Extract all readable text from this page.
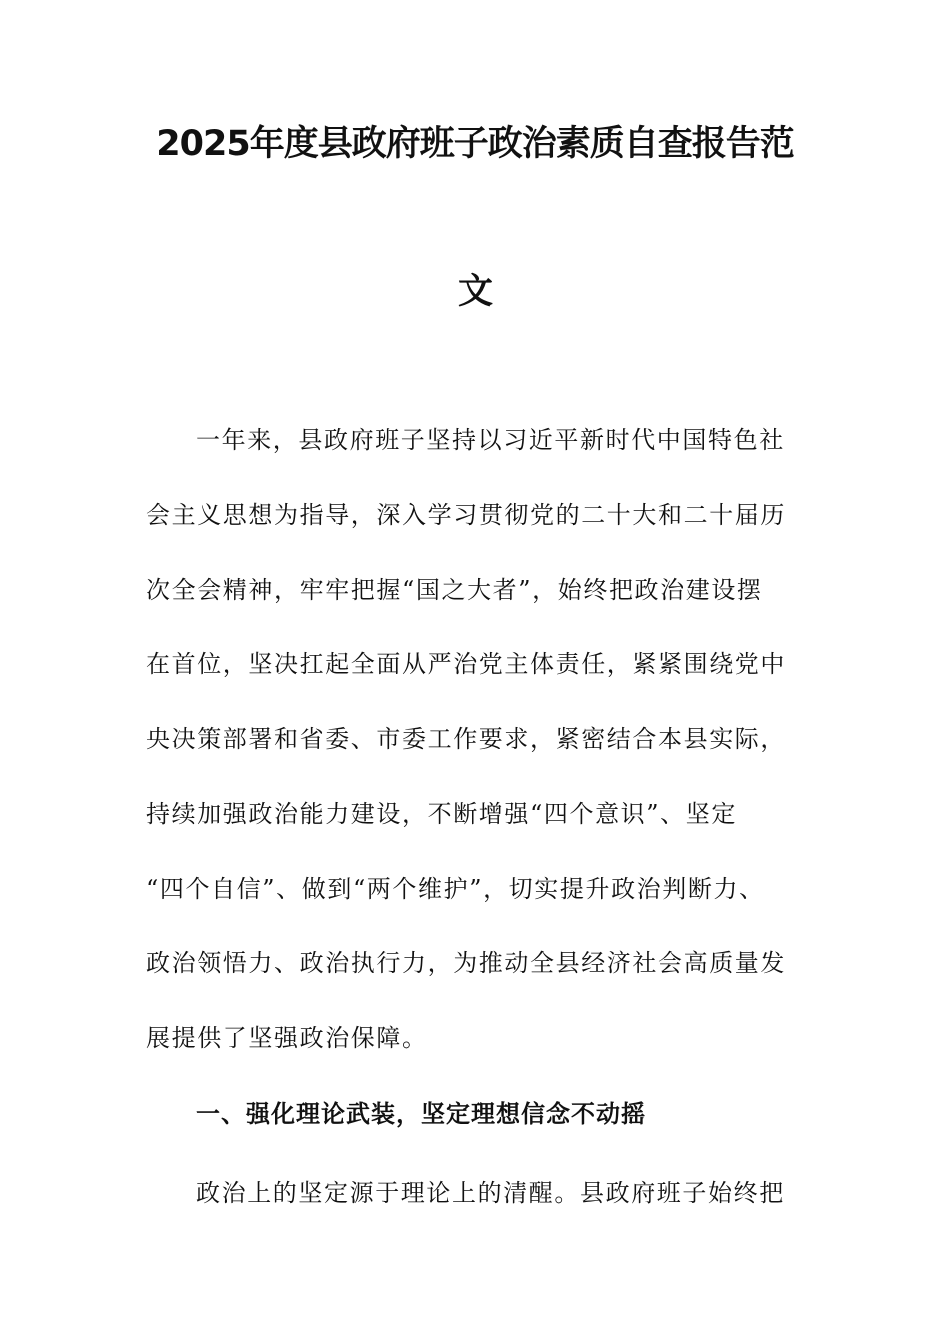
2025年度县政府班子政治素质自查报告范
文
一年来，县政府班子坚持以习近平新时代中国特色社
会主义思想为指导，深入学习贯彻党的二十大和二十届历
次全会精神，牢牢把握“国之大者”，始终把政治建设摆
在首位，坚决扛起全面从严治党主体责任，紧紧围绕党中
央决策部署和省委、市委工作要求，紧密结合本县实际，
持续加强政治能力建设，不断增强“四个意识”、坚定
“四个自信”、做到“两个维护”，切实提升政治判断力、
政治领悟力、政治执行力，为推动全县经济社会高质量发
展提供了坚强政治保障。
一、强化理论武装，坚定理想信念不动摇
政治上的坚定源于理论上的清醒。县政府班子始终把
